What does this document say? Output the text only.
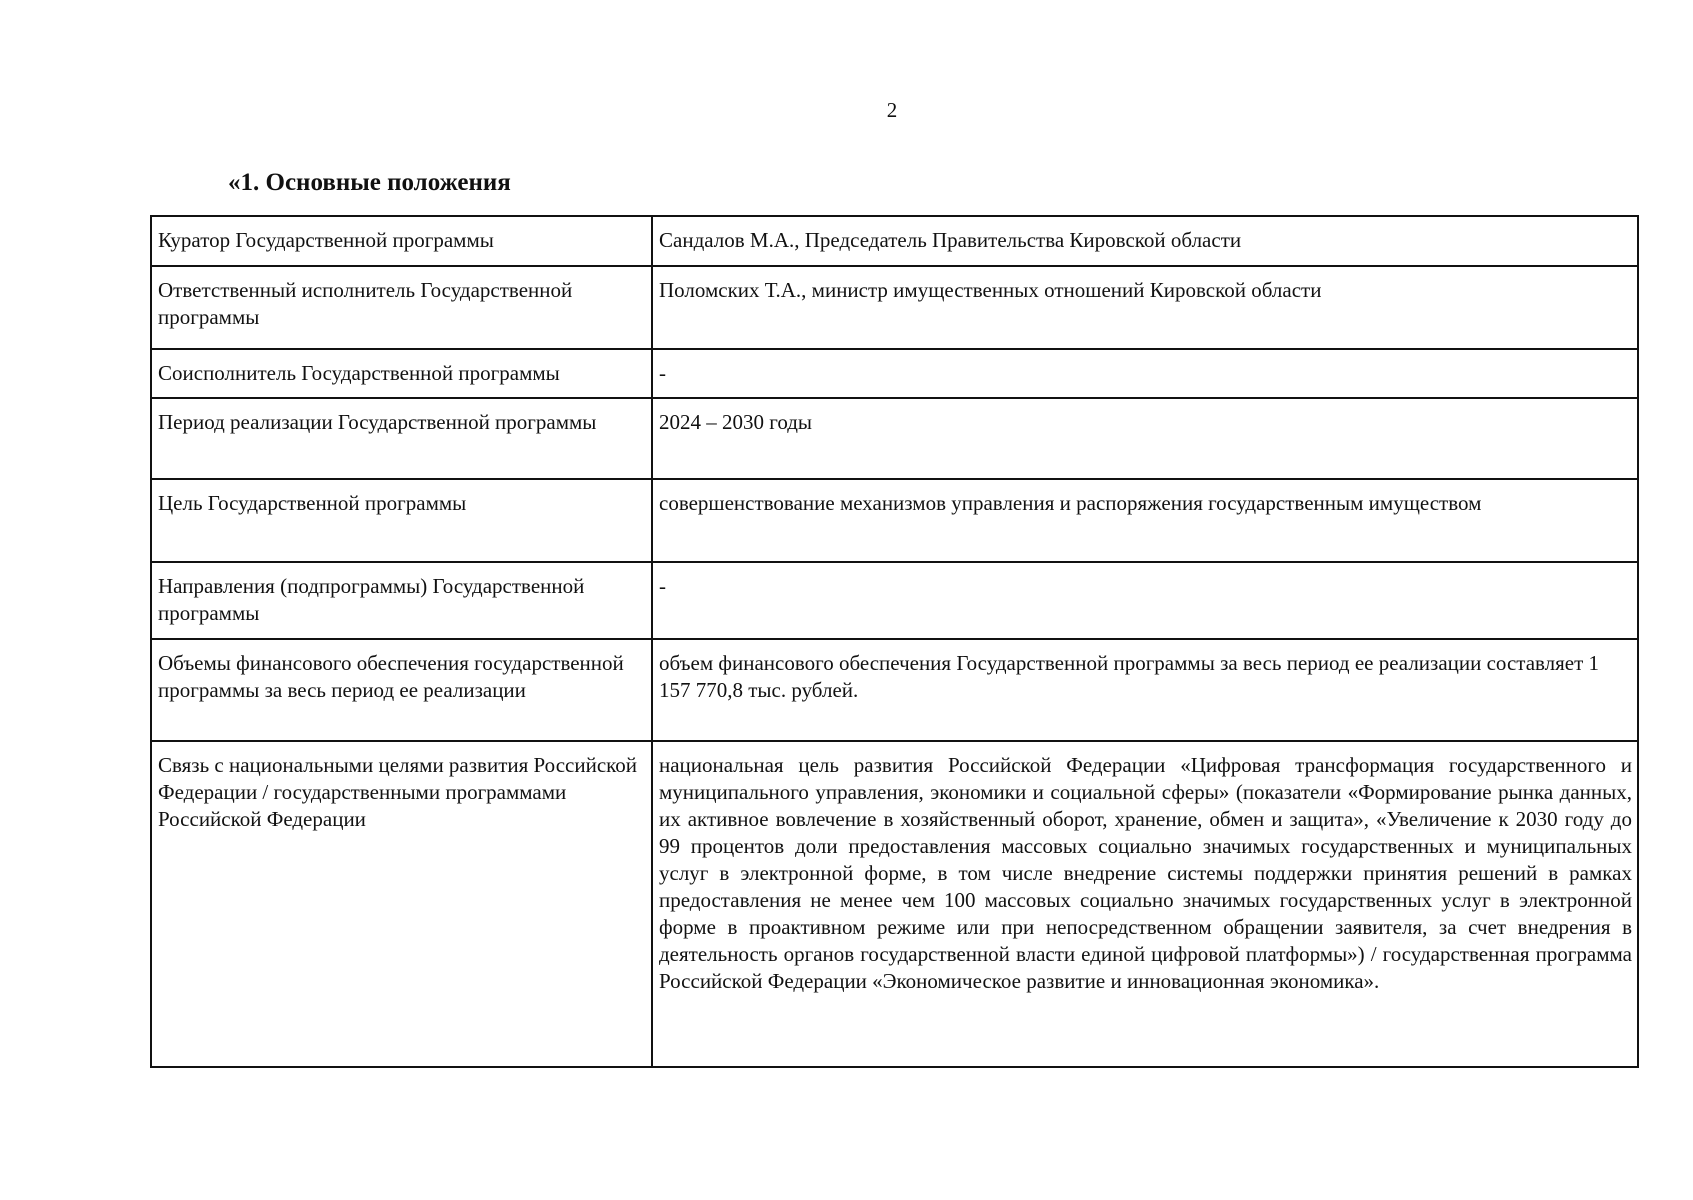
2
«1. Основные положения
Куратор Государственной программы	Сандалов М.А., Председатель Правительства Кировской области
Ответственный исполнитель Государственной программы	Поломских Т.А., министр имущественных отношений Кировской области
Соисполнитель Государственной программы	-
Период реализации Государственной программы	2024 – 2030 годы
Цель Государственной программы	совершенствование механизмов управления и распоряжения государственным имуществом
Направления (подпрограммы) Государственной программы	-
Объемы финансового обеспечения государственной программы за весь период ее реализации	объем финансового обеспечения Государственной программы за весь период ее реализации составляет 1 157 770,8 тыс. рублей.
Связь с национальными целями развития Российской Федерации / государственными программами Российской Федерации	национальная цель развития Российской Федерации «Цифровая трансформация государственного и муниципального управления, экономики и социальной сферы» (показатели «Формирование рынка данных, их активное вовлечение в хозяйственный оборот, хранение, обмен и защита», «Увеличение к 2030 году до 99 процентов доли предоставления массовых социально значимых государственных и муниципальных услуг в электронной форме, в том числе внедрение системы поддержки принятия решений в рамках предоставления не менее чем 100 массовых социально значимых государственных услуг в электронной форме в проактивном режиме или при непосредственном обращении заявителя, за счет внедрения в деятельность органов государственной власти единой цифровой платформы») / государственная программа Российской Федерации «Экономическое развитие и инновационная экономика».
